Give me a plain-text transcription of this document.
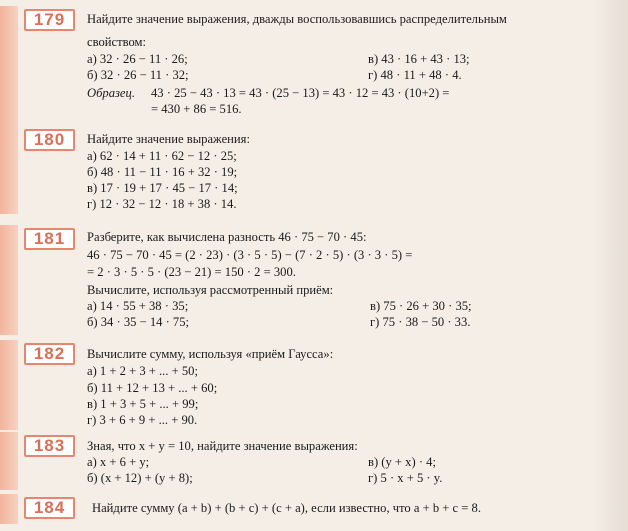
179	Найдите значение выражения, дважды воспользовавшись распределительным
свойством:
а) 32 · 26 − 11 · 26;	в) 43 · 16 + 43 · 13;
б) 32 · 26 − 11 · 32;	г) 48 · 11 + 48 · 4.
Образец. 43 · 25 − 43 · 13 = 43 · (25 − 13) = 43 · 12 = 43 · (10+2) =
= 430 + 86 = 516.
180	Найдите значение выражения:
а) 62 · 14 + 11 · 62 − 12 · 25;
б) 48 · 11 − 11 · 16 + 32 · 19;
в) 17 · 19 + 17 · 45 − 17 · 14;
г) 12 · 32 − 12 · 18 + 38 · 14.
181	Разберите, как вычислена разность 46 · 75 − 70 · 45:
46 · 75 − 70 · 45 = (2 · 23) · (3 · 5 · 5) − (7 · 2 · 5) · (3 · 3 · 5) =
= 2 · 3 · 5 · 5 · (23 − 21) = 150 · 2 = 300.
Вычислите, используя рассмотренный приём:
а) 14 · 55 + 38 · 35;	в) 75 · 26 + 30 · 35;
б) 34 · 35 − 14 · 75;	г) 75 · 38 − 50 · 33.
182	Вычислите сумму, используя «приём Гаусса»:
а) 1 + 2 + 3 + ... + 50;
б) 11 + 12 + 13 + ... + 60;
в) 1 + 3 + 5 + ... + 99;
г) 3 + 6 + 9 + ... + 90.
183	Зная, что x + y = 10, найдите значение выражения:
а) x + 6 + y;	в) (y + x) · 4;
б) (x + 12) + (y + 8);	г) 5 · x + 5 · y.
184	Найдите сумму (a + b) + (b + c) + (c + a), если известно, что a + b + c = 8.
